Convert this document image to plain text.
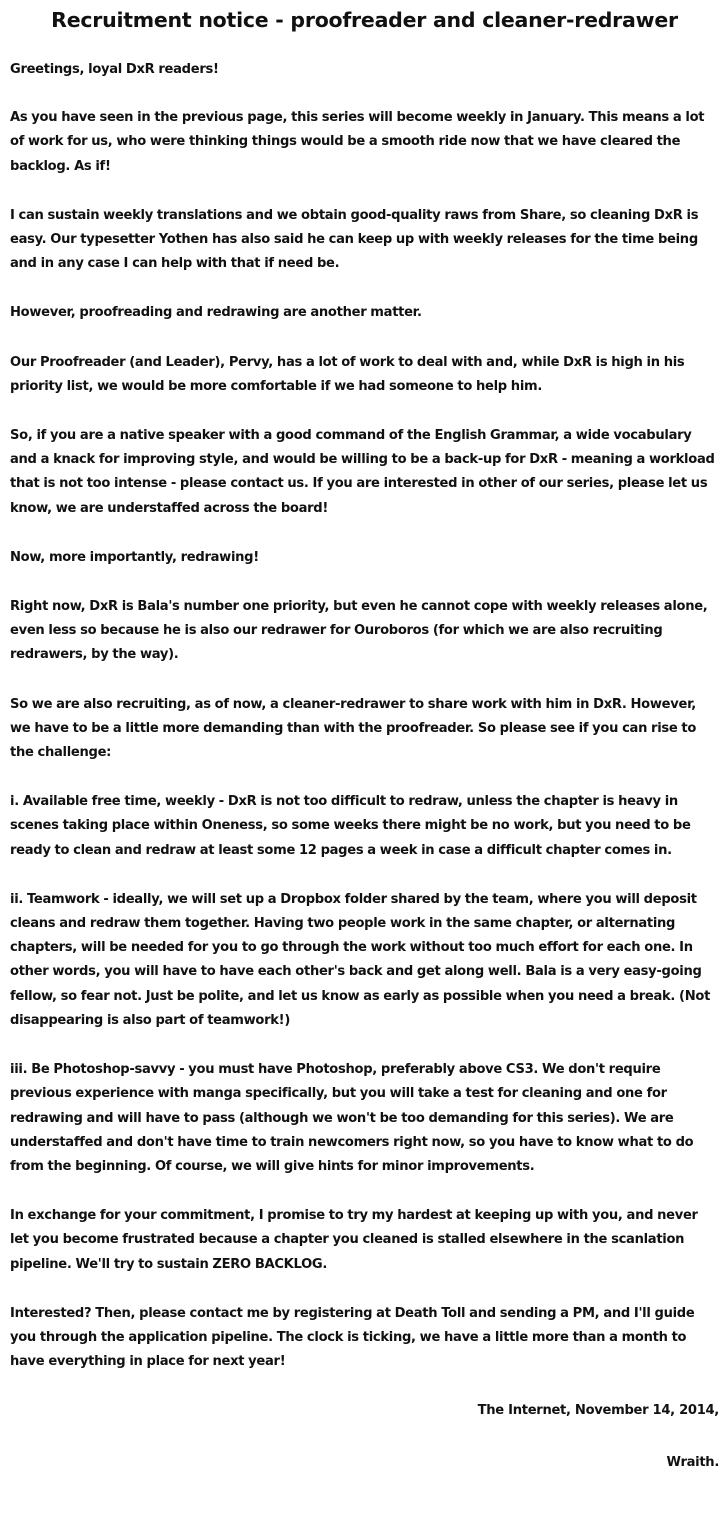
Recruitment notice - proofreader and cleaner-redrawer

Greetings, loyal DxR readers!

As you have seen in the previous page, this series will become weekly in January. This means a lot of work for us, who were thinking things would be a smooth ride now that we have cleared the backlog. As if!

I can sustain weekly translations and we obtain good-quality raws from Share, so cleaning DxR is easy. Our typesetter Yothen has also said he can keep up with weekly releases for the time being and in any case I can help with that if need be.

However, proofreading and redrawing are another matter.

Our Proofreader (and Leader), Pervy, has a lot of work to deal with and, while DxR is high in his priority list, we would be more comfortable if we had someone to help him.

So, if you are a native speaker with a good command of the English Grammar, a wide vocabulary and a knack for improving style, and would be willing to be a back-up for DxR - meaning a workload that is not too intense - please contact us. If you are interested in other of our series, please let us know, we are understaffed across the board!

Now, more importantly, redrawing!

Right now, DxR is Bala's number one priority, but even he cannot cope with weekly releases alone, even less so because he is also our redrawer for Ouroboros (for which we are also recruiting redrawers, by the way).

So we are also recruiting, as of now, a cleaner-redrawer to share work with him in DxR. However, we have to be a little more demanding than with the proofreader. So please see if you can rise to the challenge:

i. Available free time, weekly - DxR is not too difficult to redraw, unless the chapter is heavy in scenes taking place within Oneness, so some weeks there might be no work, but you need to be ready to clean and redraw at least some 12 pages a week in case a difficult chapter comes in.

ii. Teamwork - ideally, we will set up a Dropbox folder shared by the team, where you will deposit cleans and redraw them together. Having two people work in the same chapter, or alternating chapters, will be needed for you to go through the work without too much effort for each one. In other words, you will have to have each other's back and get along well. Bala is a very easy-going fellow, so fear not. Just be polite, and let us know as early as possible when you need a break. (Not disappearing is also part of teamwork!)

iii. Be Photoshop-savvy - you must have Photoshop, preferably above CS3. We don't require previous experience with manga specifically, but you will take a test for cleaning and one for redrawing and will have to pass (although we won't be too demanding for this series). We are understaffed and don't have time to train newcomers right now, so you have to know what to do from the beginning. Of course, we will give hints for minor improvements.

In exchange for your commitment, I promise to try my hardest at keeping up with you, and never let you become frustrated because a chapter you cleaned is stalled elsewhere in the scanlation pipeline. We'll try to sustain ZERO BACKLOG.

Interested? Then, please contact me by registering at Death Toll and sending a PM, and I'll guide you through the application pipeline. The clock is ticking, we have a little more than a month to have everything in place for next year!

The Internet, November 14, 2014,

Wraith.
